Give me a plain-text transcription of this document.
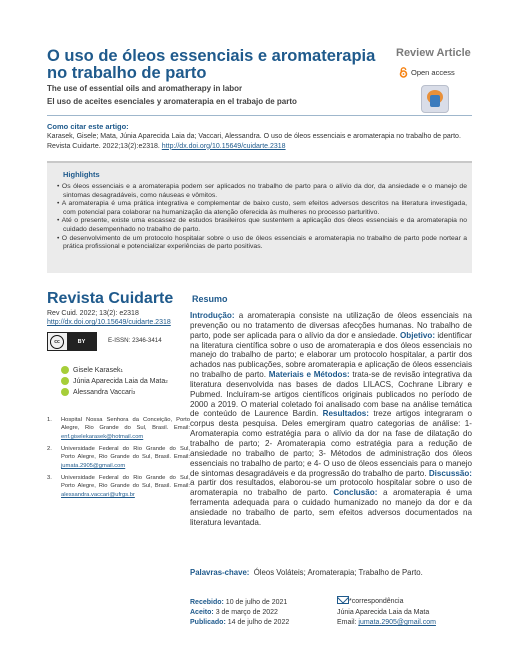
O uso de óleos essenciais e aromaterapia no trabalho de parto
The use of essential oils and aromatherapy in labor
El uso de aceites esenciales y aromaterapia en el trabajo de parto
Review Article
Open access
Como citar este artigo:
Karasek, Gisele; Mata, Júnia Aparecida Laia da; Vaccari, Alessandra. O uso de óleos essenciais e aromaterapia no trabalho de parto. Revista Cuidarte. 2022;13(2):e2318. http://dx.doi.org/10.15649/cuidarte.2318
Highlights
• Os óleos essenciais e a aromaterapia podem ser aplicados no trabalho de parto para o alívio da dor, da ansiedade e o manejo de sintomas desagradáveis, como náuseas e vômitos.
• A aromaterapia é uma prática integrativa e complementar de baixo custo, sem efeitos adversos descritos na literatura investigada, com potencial para colaborar na humanização da atenção oferecida às mulheres no processo parturitivo.
• Até o presente, existe uma escassez de estudos brasileiros que sustentem a aplicação dos óleos essenciais e da aromaterapia no cuidado desempenhado no trabalho de parto.
• O desenvolvimento de um protocolo hospitalar sobre o uso de óleos essenciais e aromaterapia no trabalho de parto pode nortear a prática profissional e potencializar experiências de parto positivas.
Revista Cuidarte
Rev Cuid. 2022; 13(2): e2318
http://dx.doi.org/10.15649/cuidarte.2318
cc	BY	E-ISSN: 2346-3414
Gisele Karasek 1
Júnia Aparecida Laia da Mata 2
Alessandra Vaccari 3
1. Hospital Nossa Senhora da Conceição, Porto Alegre, Rio Grande do Sul, Brasil. Email: enf.giselekarasek@hotmail.com
2. Universidade Federal do Rio Grande do Sul, Porto Alegre, Rio Grande do Sul, Brasil. Email: jumata.2905@gmail.com
3. Universidade Federal do Rio Grande do Sul, Porto Alegre, Rio Grande do Sul, Brasil. Email: alessandra.vaccari@ufrgs.br
Resumo
Introdução: a aromaterapia consiste na utilização de óleos essenciais na prevenção ou no tratamento de diversas afecções humanas. No trabalho de parto, pode ser aplicada para o alívio da dor e ansiedade. Objetivo: identificar na literatura científica sobre o uso de aromaterapia e dos óleos essenciais no manejo do trabalho de parto; e elaborar um protocolo hospitalar, a partir dos achados nas publicações, sobre aromaterapia e aplicação de óleos essenciais no trabalho de parto. Materiais e Métodos: trata-se de revisão integrativa da literatura desenvolvida nas bases de dados LILACS, Cochrane Library e Pubmed. Incluíram-se artigos científicos originais publicados no período de 2000 a 2019. O material coletado foi analisado com base na análise temática de conteúdo de Laurence Bardin. Resultados: treze artigos integraram o corpus desta pesquisa. Deles emergiram quatro categorias de análise: 1- Aromaterapia como estratégia para o alívio da dor na fase de dilatação do trabalho de parto; 2- Aromaterapia como estratégia para a redução de ansiedade no trabalho de parto; 3- Métodos de administração dos óleos essenciais no trabalho de parto; e 4- O uso de óleos essenciais para o manejo de sintomas desagradáveis e da progressão do trabalho de parto. Discussão: a partir dos resultados, elaborou-se um protocolo hospitalar sobre o uso de aromaterapia no trabalho de parto. Conclusão: a aromaterapia é uma ferramenta adequada para o cuidado humanizado no manejo da dor e da ansiedade no trabalho de parto, sem efeitos adversos documentados na literatura levantada.
Palavras-chave: Óleos Voláteis; Aromaterapia; Trabalho de Parto.
Recebido: 10 de julho de 2021
Aceito: 3 de março de 2022
Publicado: 14 de julho de 2022
*correspondência
Júnia Aparecida Laia da Mata
Email: jumata.2905@gmail.com
